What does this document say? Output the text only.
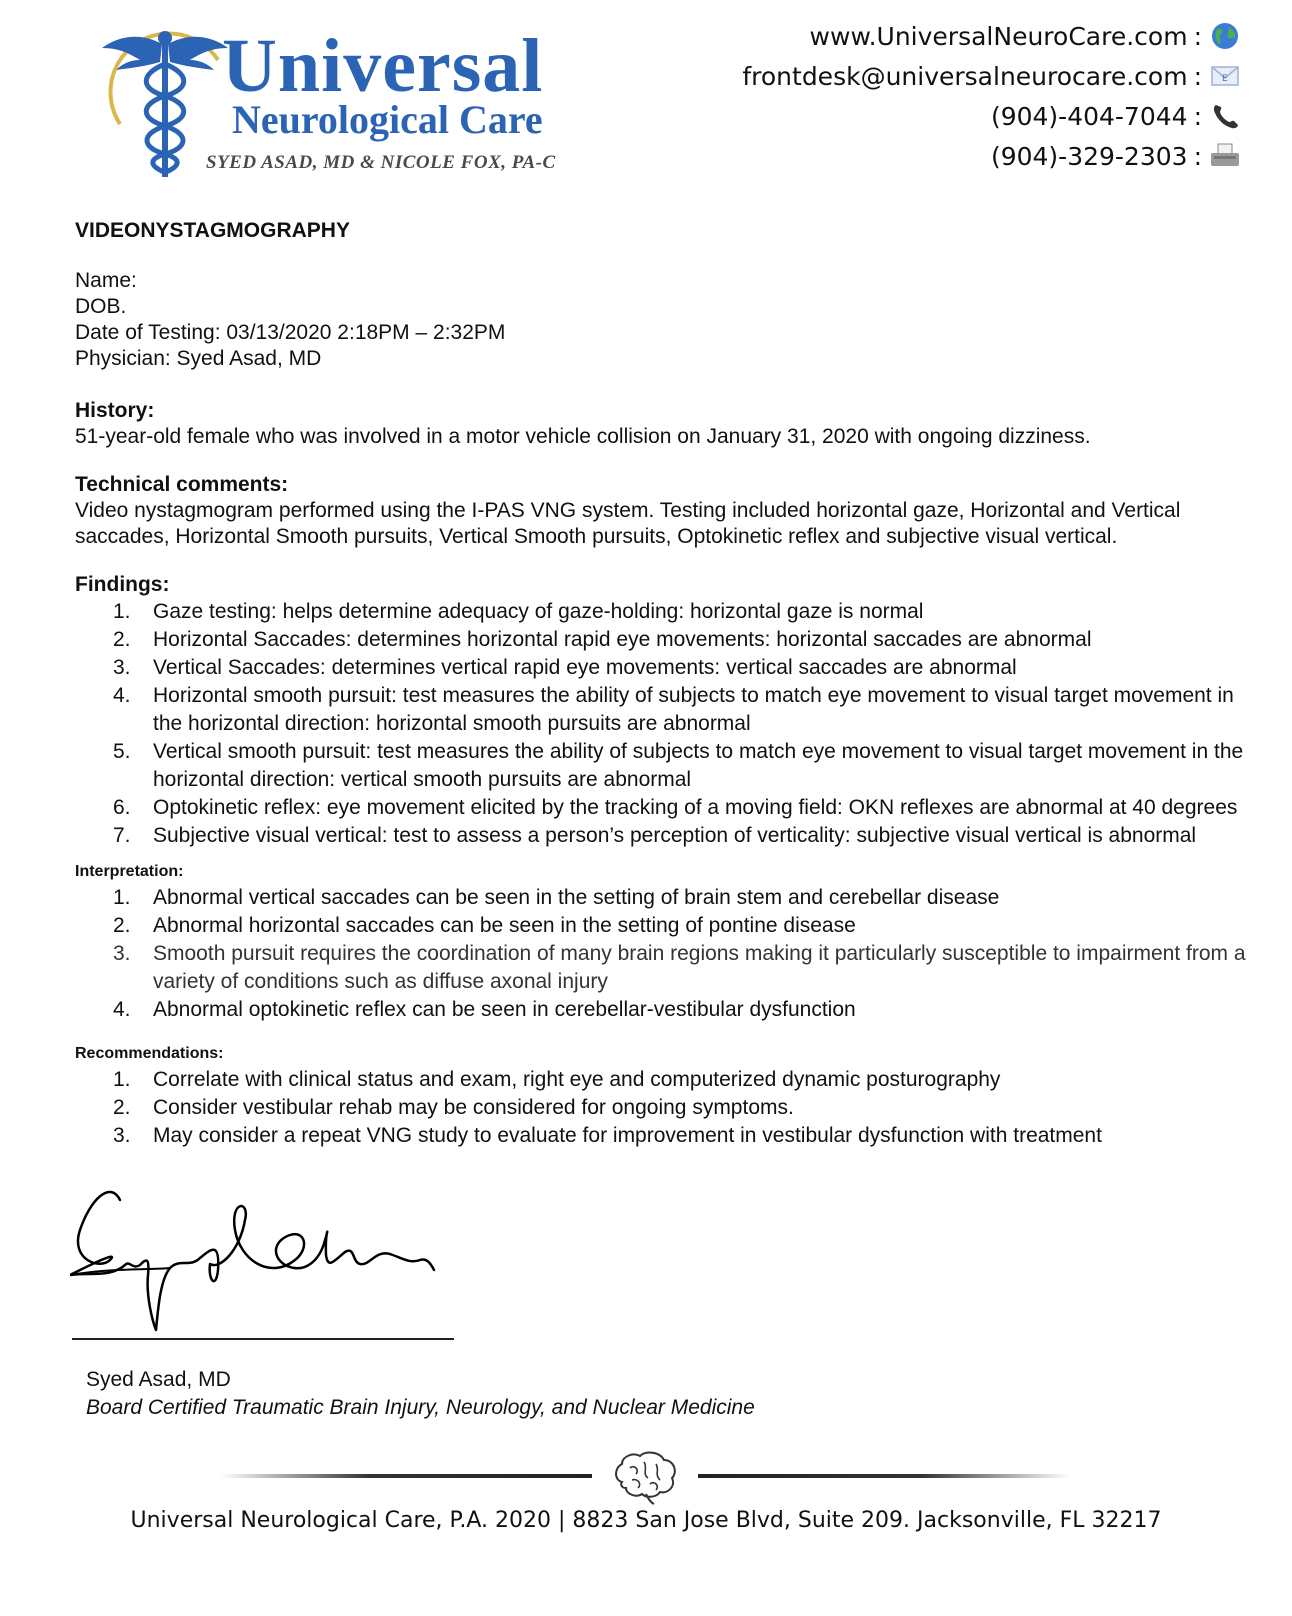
Universal
Neurological Care
SYED ASAD, MD & NICOLE FOX, PA-C
www.UniversalNeuroCare.com :
frontdesk@universalneurocare.com : E
(904)-404-7044 :
(904)-329-2303 :
VIDEONYSTAGMOGRAPHY

Name:

DOB.

Date of Testing: 03/13/2020 2:18PM – 2:32PM

Physician: Syed Asad, MD

History:

51-year-old female who was involved in a motor vehicle collision on January 31, 2020 with ongoing dizziness.

Technical comments:

Video nystagmogram performed using the I-PAS VNG system. Testing included horizontal gaze, Horizontal and Vertical saccades, Horizontal Smooth pursuits, Vertical Smooth pursuits, Optokinetic reflex and subjective visual vertical.

Findings:
1. Gaze testing: helps determine adequacy of gaze-holding: horizontal gaze is normal
2. Horizontal Saccades: determines horizontal rapid eye movements: horizontal saccades are abnormal
3. Vertical Saccades: determines vertical rapid eye movements: vertical saccades are abnormal
4. Horizontal smooth pursuit: test measures the ability of subjects to match eye movement to visual target movement in the horizontal direction: horizontal smooth pursuits are abnormal
5. Vertical smooth pursuit: test measures the ability of subjects to match eye movement to visual target movement in the horizontal direction: vertical smooth pursuits are abnormal
6. Optokinetic reflex: eye movement elicited by the tracking of a moving field: OKN reflexes are abnormal at 40 degrees
7. Subjective visual vertical: test to assess a person’s perception of verticality: subjective visual vertical is abnormal
Interpretation:
1. Abnormal vertical saccades can be seen in the setting of brain stem and cerebellar disease
2. Abnormal horizontal saccades can be seen in the setting of pontine disease
3. Smooth pursuit requires the coordination of many brain regions making it particularly susceptible to impairment from a variety of conditions such as diffuse axonal injury
4. Abnormal optokinetic reflex can be seen in cerebellar-vestibular dysfunction
Recommendations:
1. Correlate with clinical status and exam, right eye and computerized dynamic posturography
2. Consider vestibular rehab may be considered for ongoing symptoms.
3. May consider a repeat VNG study to evaluate for improvement in vestibular dysfunction with treatment
Syed Asad, MD
Board Certified Traumatic Brain Injury, Neurology, and Nuclear Medicine
Universal Neurological Care, P.A. 2020 | 8823 San Jose Blvd, Suite 209. Jacksonville, FL 32217
